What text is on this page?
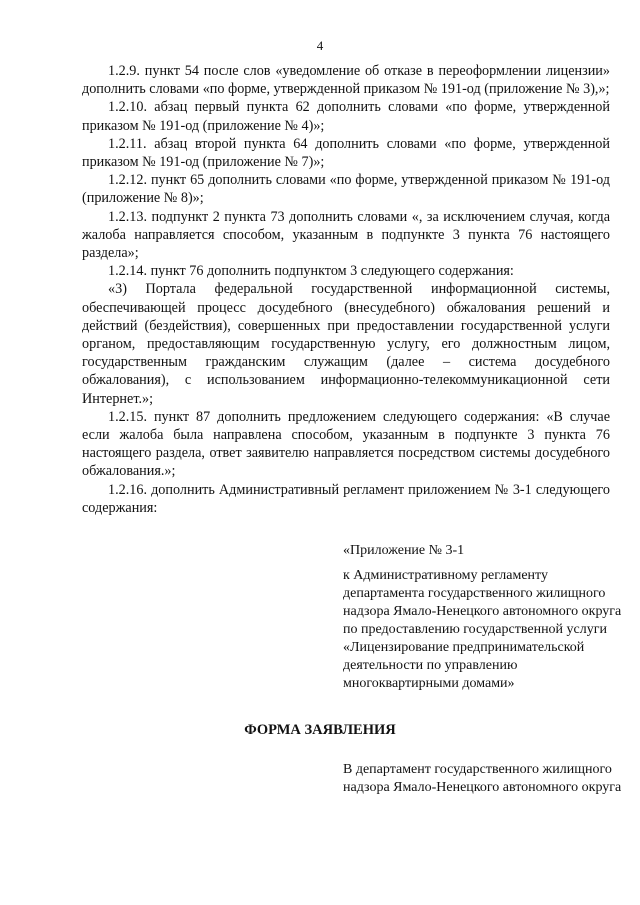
4

1.2.9. пункт 54 после слов «уведомление об отказе в переоформлении лицензии» дополнить словами «по форме, утвержденной приказом № 191-од (приложение № 3),»;

1.2.10. абзац первый пункта 62 дополнить словами «по форме, утвержденной приказом № 191-од (приложение № 4)»;

1.2.11. абзац второй пункта 64 дополнить словами «по форме, утвержденной приказом № 191-од (приложение № 7)»;

1.2.12. пункт 65 дополнить словами «по форме, утвержденной приказом № 191-од (приложение № 8)»;

1.2.13. подпункт 2 пункта 73 дополнить словами «, за исключением случая, когда жалоба направляется способом, указанным в подпункте 3 пункта 76 настоящего раздела»;

1.2.14. пункт 76 дополнить подпунктом 3 следующего содержания:

«3) Портала федеральной государственной информационной системы, обеспечивающей процесс досудебного (внесудебного) обжалования решений и действий (бездействия), совершенных при предоставлении государственной услуги органом, предоставляющим государственную услугу, его должностным лицом, государственным гражданским служащим (далее – система досудебного обжалования), с использованием информационно-телекоммуникационной сети Интернет.»;

1.2.15. пункт 87 дополнить предложением следующего содержания: «В случае если жалоба была направлена способом, указанным в подпункте 3 пункта 76 настоящего раздела, ответ заявителю направляется посредством системы досудебного обжалования.»;

1.2.16. дополнить Административный регламент приложением № 3-1 следующего содержания:

«Приложение № 3-1
к Административному регламенту департамента государственного жилищного надзора Ямало-Ненецкого автономного округа по предоставлению государственной услуги «Лицензирование предпринимательской деятельности по управлению многоквартирными домами»
ФОРМА ЗАЯВЛЕНИЯ
В департамент государственного жилищного надзора Ямало-Ненецкого автономного округа
